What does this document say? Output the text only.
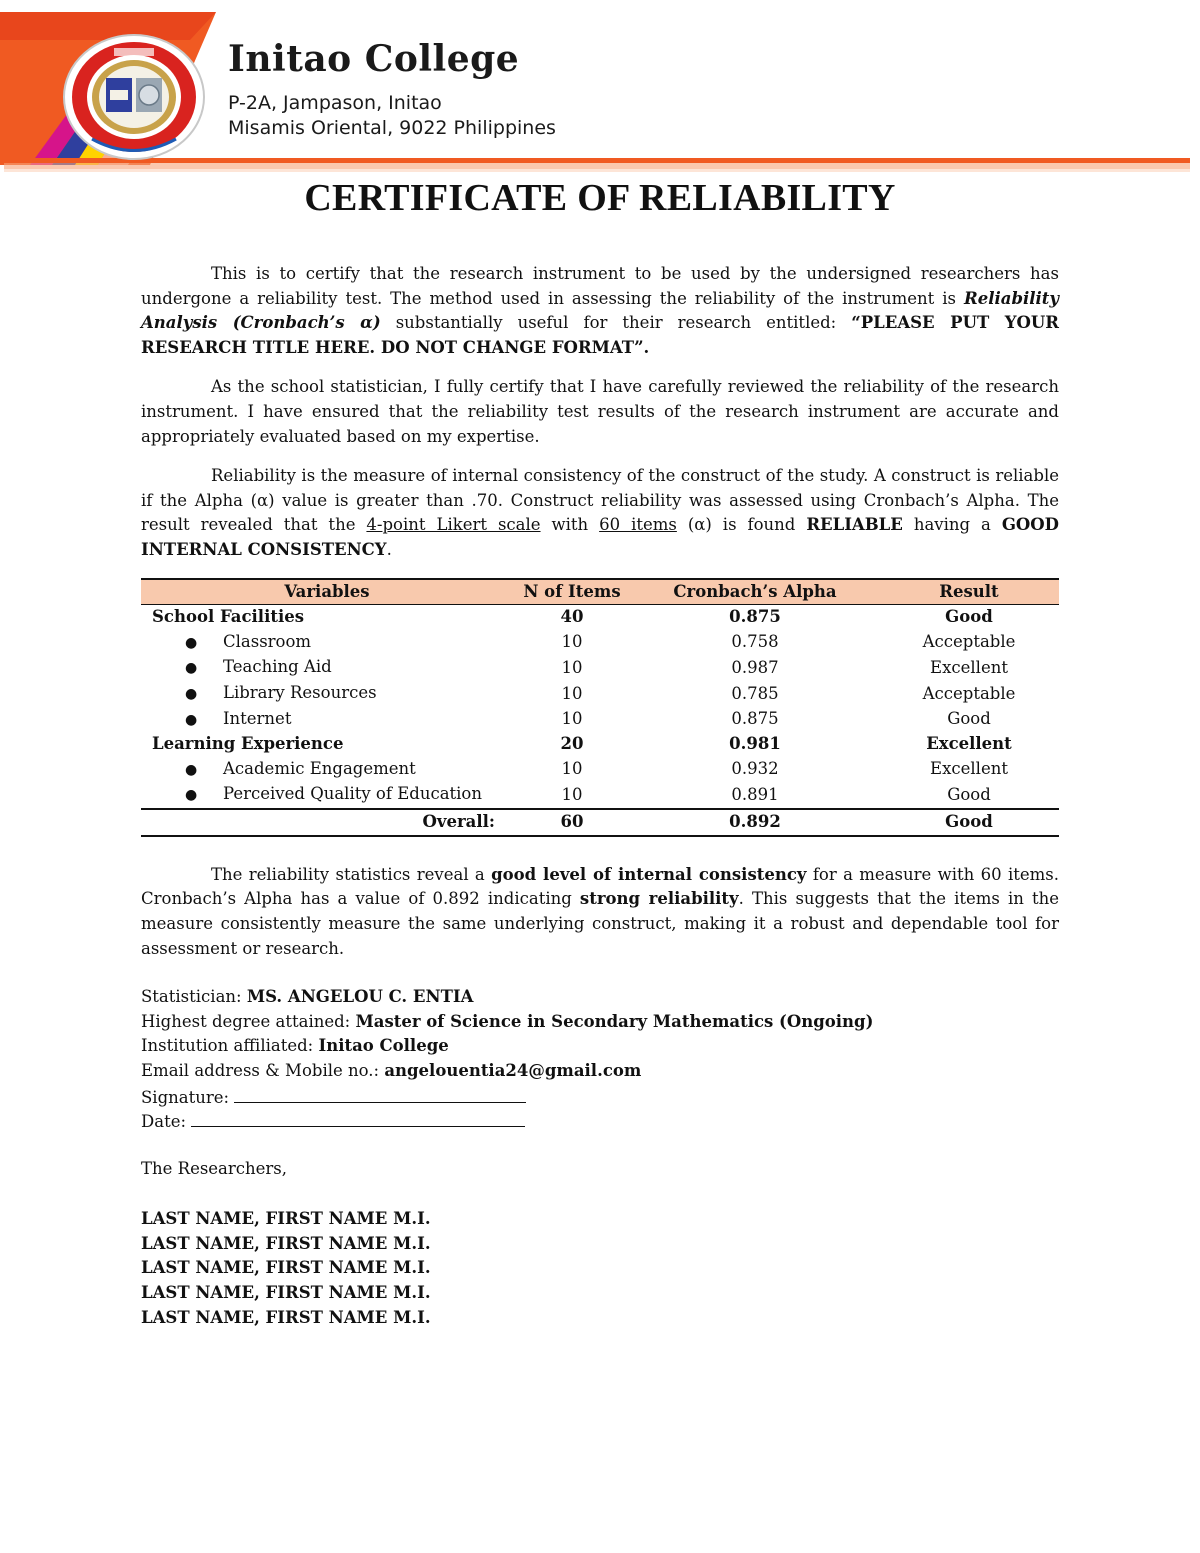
Initao College
P-2A, Jampason, Initao
Misamis Oriental, 9022 Philippines
CERTIFICATE OF RELIABILITY

This is to certify that the research instrument to be used by the undersigned researchers has undergone a reliability test. The method used in assessing the reliability of the instrument is Reliability Analysis (Cronbach’s α) substantially useful for their research entitled: “PLEASE PUT YOUR RESEARCH TITLE HERE. DO NOT CHANGE FORMAT”.

As the school statistician, I fully certify that I have carefully reviewed the reliability of the research instrument. I have ensured that the reliability test results of the research instrument are accurate and appropriately evaluated based on my expertise.

Reliability is the measure of internal consistency of the construct of the study. A construct is reliable if the Alpha (α) value is greater than .70. Construct reliability was assessed using Cronbach’s Alpha. The result revealed that the 4-point Likert scale with 60 items (α) is found RELIABLE having a GOOD INTERNAL CONSISTENCY.

Variables	N of Items	Cronbach’s Alpha	Result
School Facilities	40	0.875	Good
● Classroom	10	0.758	Acceptable
● Teaching Aid	10	0.987	Excellent
● Library Resources	10	0.785	Acceptable
● Internet	10	0.875	Good
Learning Experience	20	0.981	Excellent
● Academic Engagement	10	0.932	Excellent
● Perceived Quality of Education	10	0.891	Good
Overall:	60	0.892	Good

The reliability statistics reveal a good level of internal consistency for a measure with 60 items. Cronbach’s Alpha has a value of 0.892 indicating strong reliability. This suggests that the items in the measure consistently measure the same underlying construct, making it a robust and dependable tool for assessment or research.

Statistician: MS. ANGELOU C. ENTIA
Highest degree attained: Master of Science in Secondary Mathematics (Ongoing)
Institution affiliated: Initao College
Email address & Mobile no.: angelouentia24@gmail.com
Signature:
Date:
The Researchers,
LAST NAME, FIRST NAME M.I.
LAST NAME, FIRST NAME M.I.
LAST NAME, FIRST NAME M.I.
LAST NAME, FIRST NAME M.I.
LAST NAME, FIRST NAME M.I.
